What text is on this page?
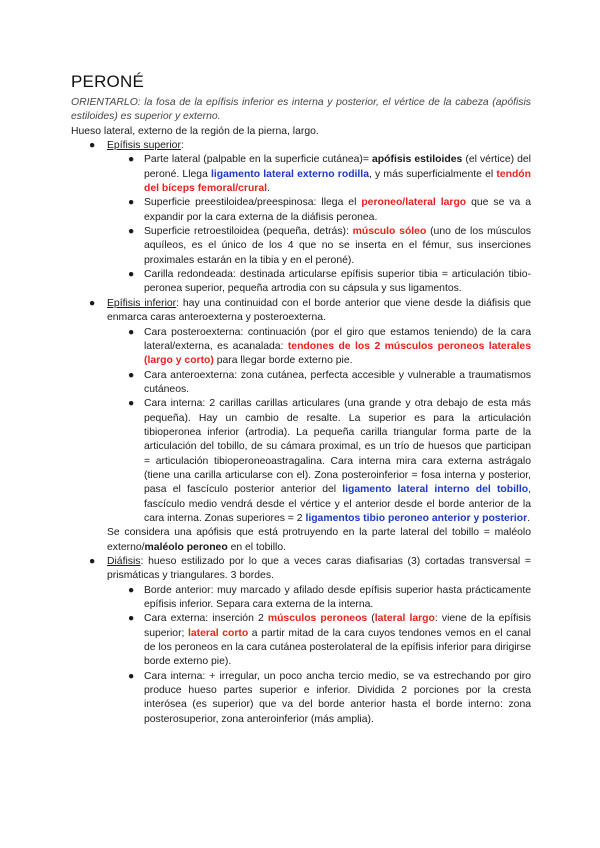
PERONÉ

ORIENTARLO: la fosa de la epífisis inferior es interna y posterior, el vértice de la cabeza (apófisis estiloides) es superior y externo.

Hueso lateral, externo de la región de la pierna, largo.

● Epífisis superior:
● Parte lateral (palpable en la superficie cutánea)= apófisis estiloides (el vértice) del peroné. Llega ligamento lateral externo rodilla, y más superficialmente el tendón del bíceps femoral/crural.
● Superficie preestiloidea/preespinosa: llega el peroneo/lateral largo que se va a expandir por la cara externa de la diáfisis peronea.
● Superficie retroestiloidea (pequeña, detrás): músculo sóleo (uno de los músculos aquíleos, es el único de los 4 que no se inserta en el fémur, sus inserciones proximales estarán en la tibia y en el peroné).
● Carilla redondeada: destinada articularse epífisis superior tibia = articulación tibio-peronea superior, pequeña artrodia con su cápsula y sus ligamentos.
● Epífisis inferior: hay una continuidad con el borde anterior que viene desde la diáfisis que enmarca caras anteroexterna y posteroexterna.
● Cara posteroexterna: continuación (por el giro que estamos teniendo) de la cara lateral/externa, es acanalada: tendones de los 2 músculos peroneos laterales (largo y corto) para llegar borde externo pie.
● Cara anteroexterna: zona cutánea, perfecta accesible y vulnerable a traumatismos cutáneos.
● Cara interna: 2 carillas carillas articulares (una grande y otra debajo de esta más pequeña). Hay un cambio de resalte. La superior es para la articulación tibioperonea inferior (artrodia). La pequeña carilla triangular forma parte de la articulación del tobillo, de su cámara proximal, es un trío de huesos que participan = articulación tibioperoneoastragalina. Cara interna mira cara externa astrágalo (tiene una carilla articularse con el). Zona posteroinferior = fosa interna y posterior, pasa el fascículo posterior anterior del ligamento lateral interno del tobillo, fascículo medio vendrá desde el vértice y el anterior desde el borde anterior de la cara interna. Zonas superiores = 2 ligamentos tibio peroneo anterior y posterior.

Se considera una apófisis que está protruyendo en la parte lateral del tobillo = maléolo externo/maléolo peroneo en el tobillo.

● Diáfisis: hueso estilizado por lo que a veces caras diafisarias (3) cortadas transversal = prismáticas y triangulares. 3 bordes.
● Borde anterior: muy marcado y afilado desde epífisis superior hasta prácticamente epífisis inferior. Separa cara externa de la interna.
● Cara externa: inserción 2 músculos peroneos (lateral largo: viene de la epífisis superior; lateral corto a partir mitad de la cara cuyos tendones vemos en el canal de los peroneos en la cara cutánea posterolateral de la epífisis inferior para dirigirse borde externo pie).
● Cara interna: + irregular, un poco ancha tercio medio, se va estrechando por giro produce hueso partes superior e inferior. Dividida 2 porciones por la cresta interósea (es superior) que va del borde anterior hasta el borde interno: zona posterosuperior, zona anteroinferior (más amplia).
